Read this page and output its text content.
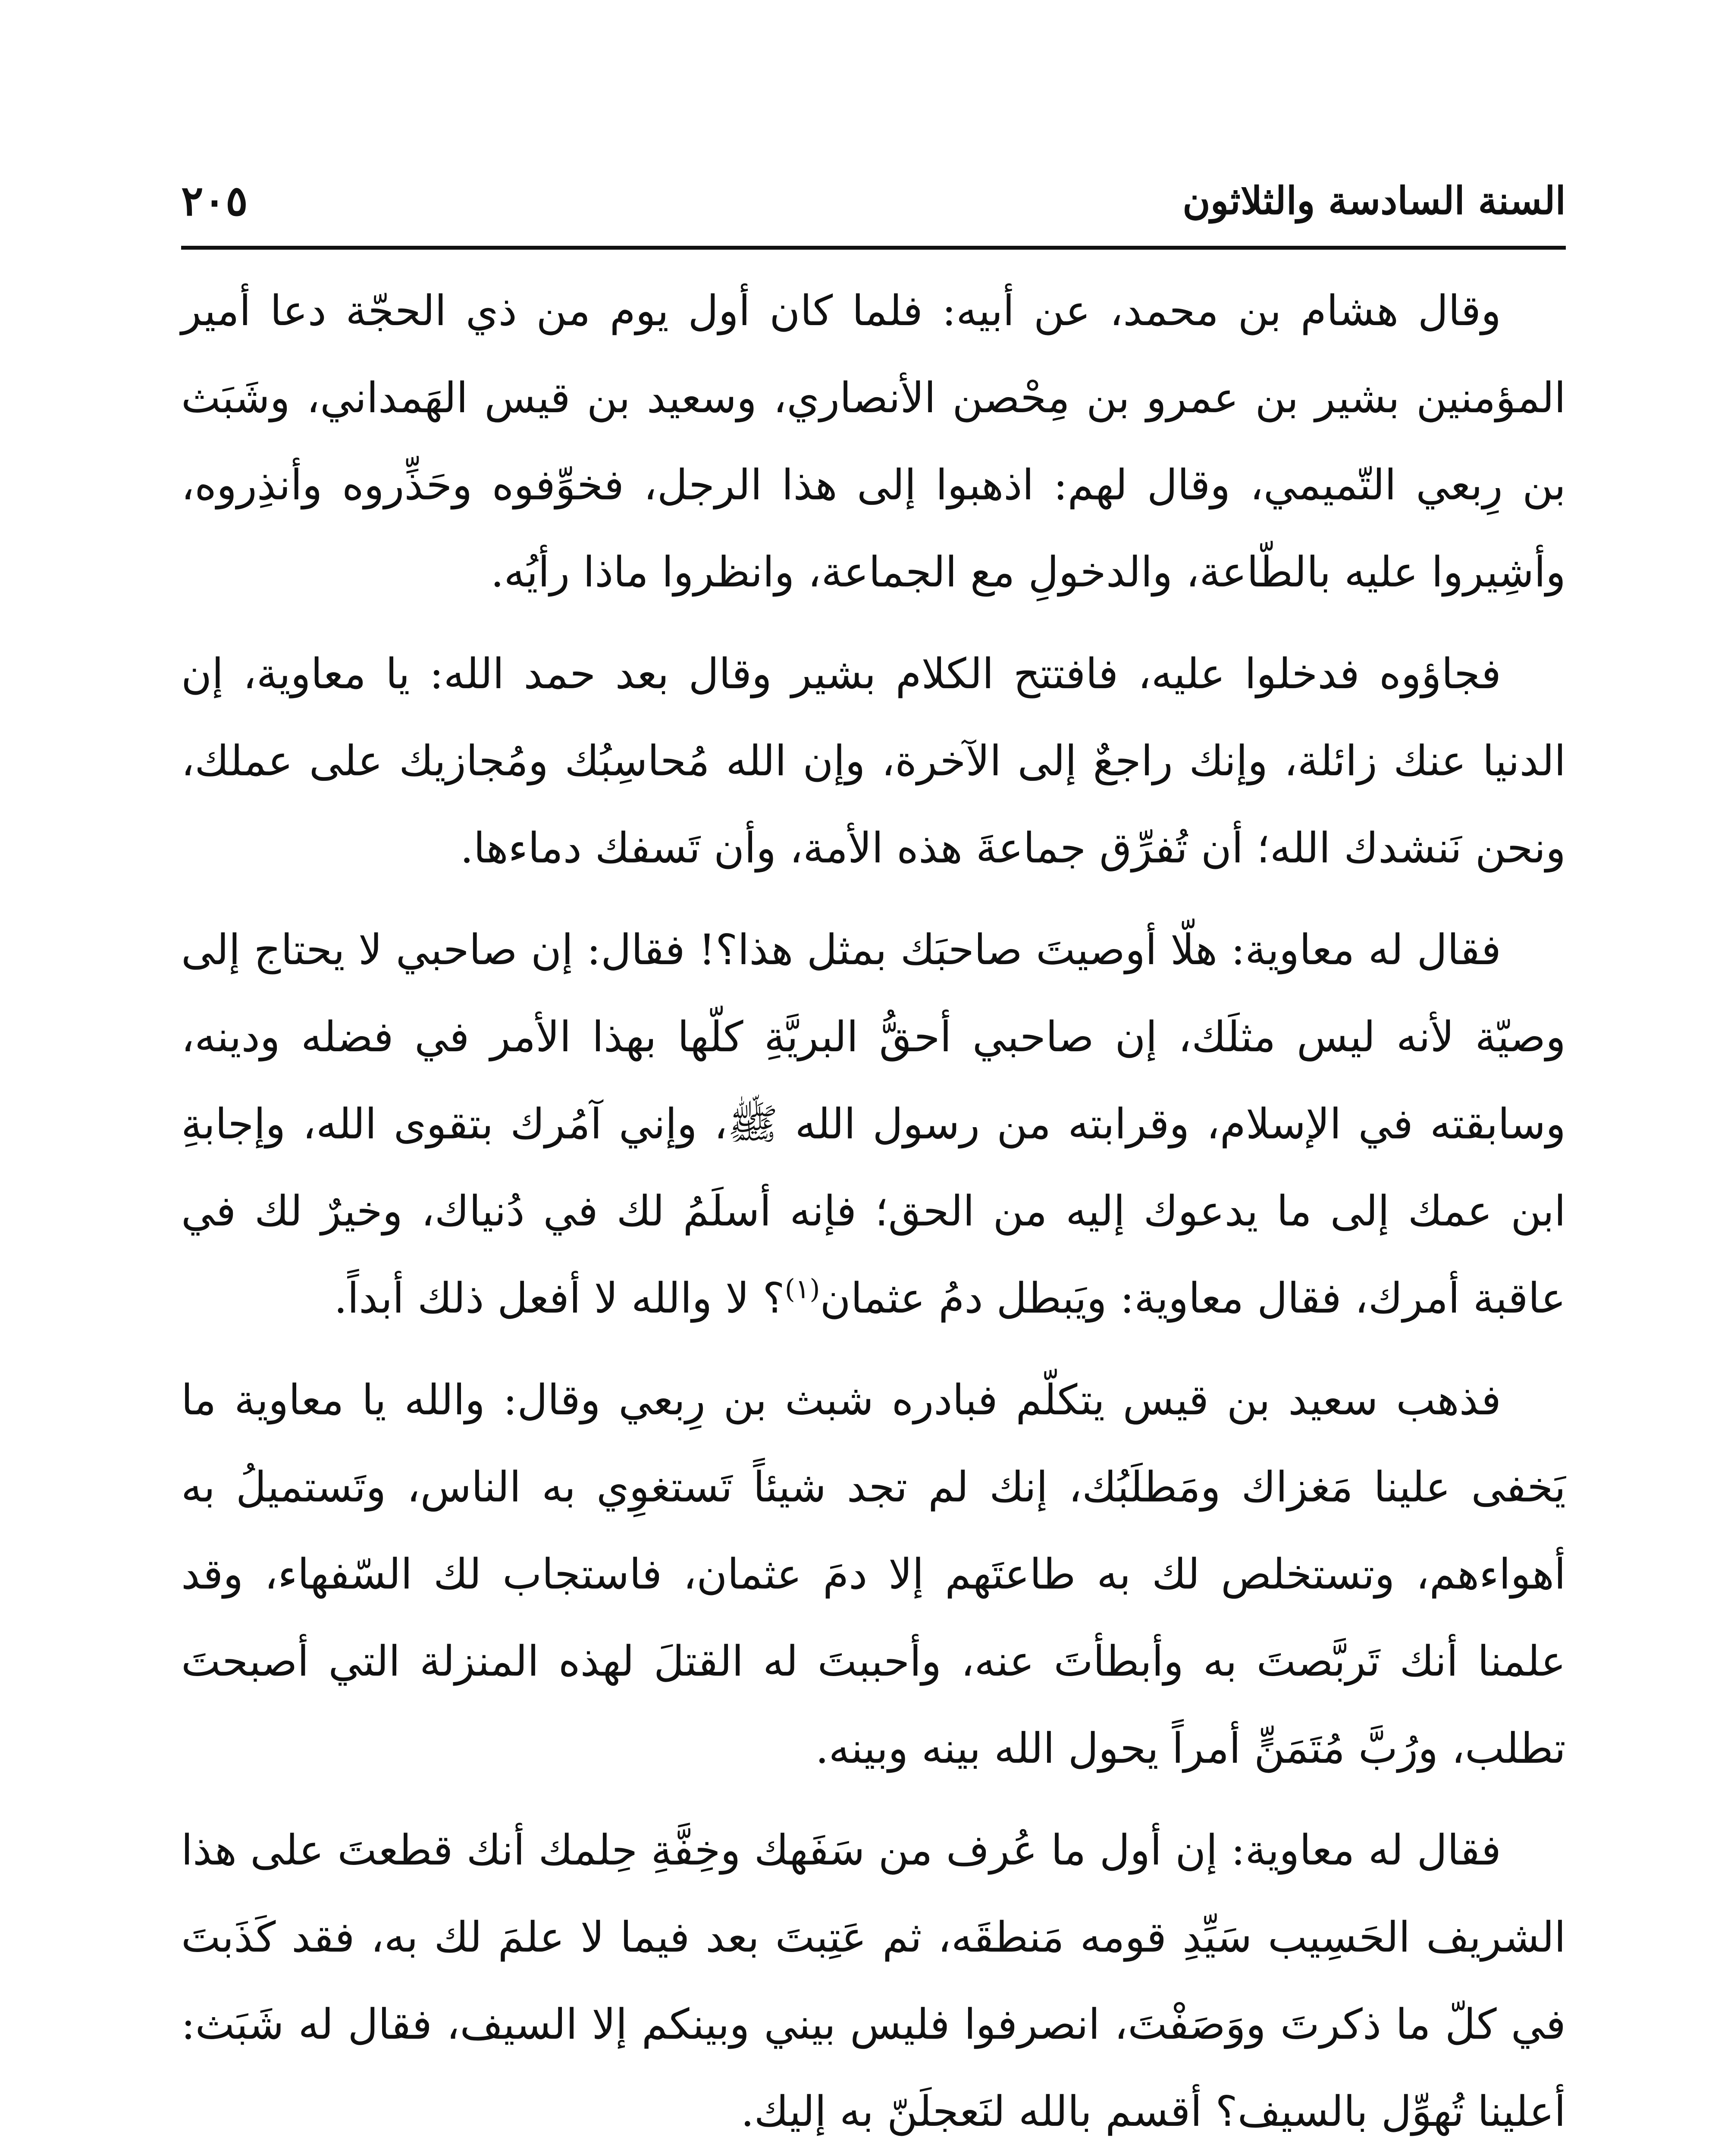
السنة السادسة والثلاثون
٢٠٥

وقال هشام بن محمد، عن أبيه: فلما كان أول يوم من ذي الحجّة دعا أمير المؤمنين بشير بن عمرو بن مِحْصن الأنصاري، وسعيد بن قيس الهَمداني، وشَبَث بن رِبعي التّميمي، وقال لهم: اذهبوا إلى هذا الرجل، فخوِّفوه وحَذِّروه وأنذِروه، وأشِيروا عليه بالطّاعة، والدخولِ مع الجماعة، وانظروا ماذا رأيُه.

فجاؤوه فدخلوا عليه، فافتتح الكلام بشير وقال بعد حمد الله: يا معاوية، إن الدنيا عنك زائلة، وإنك راجعٌ إلى الآخرة، وإن الله مُحاسِبُك ومُجازيك على عملك، ونحن نَنشدك الله؛ أن تُفرِّق جماعةَ هذه الأمة، وأن تَسفك دماءها.

فقال له معاوية: هلّا أوصيتَ صاحبَك بمثل هذا؟! فقال: إن صاحبي لا يحتاج إلى وصيّة لأنه ليس مثلَك، إن صاحبي أحقُّ البريَّةِ كلّها بهذا الأمر في فضله ودينه، وسابقته في الإسلام، وقرابته من رسول الله ﷺ، وإني آمُرك بتقوى الله، وإجابةِ ابن عمك إلى ما يدعوك إليه من الحق؛ فإنه أسلَمُ لك في دُنياك، وخيرٌ لك في عاقبة أمرك، فقال معاوية: ويَبطل دمُ عثمان$^{(١)}$؟ لا والله لا أفعل ذلك أبداً.

فذهب سعيد بن قيس يتكلّم فبادره شبث بن رِبعي وقال: والله يا معاوية ما يَخفى علينا مَغزاك ومَطلَبُك، إنك لم تجد شيئاً تَستغوِي به الناس، وتَستميلُ به أهواءهم، وتستخلص لك به طاعتَهم إلا دمَ عثمان، فاستجاب لك السّفهاء، وقد علمنا أنك تَربَّصتَ به وأبطأتَ عنه، وأحببتَ له القتلَ لهذه المنزلة التي أصبحتَ تطلب، ورُبَّ مُتَمَنٍّ أمراً يحول الله بينه وبينه.

فقال له معاوية: إن أول ما عُرف من سَفَهك وخِفَّةِ حِلمك أنك قطعتَ على هذا الشريف الحَسِيب سَيِّدِ قومه مَنطقَه، ثم عَتِبتَ بعد فيما لا علمَ لك به، فقد كَذَبتَ في كلّ ما ذكرتَ ووَصَفْتَ، انصرفوا فليس بيني وبينكم إلا السيف، فقال له شَبَث: أعلينا تُهوِّل بالسيف؟ أقسم بالله لنَعجلَنّ به إليك.
